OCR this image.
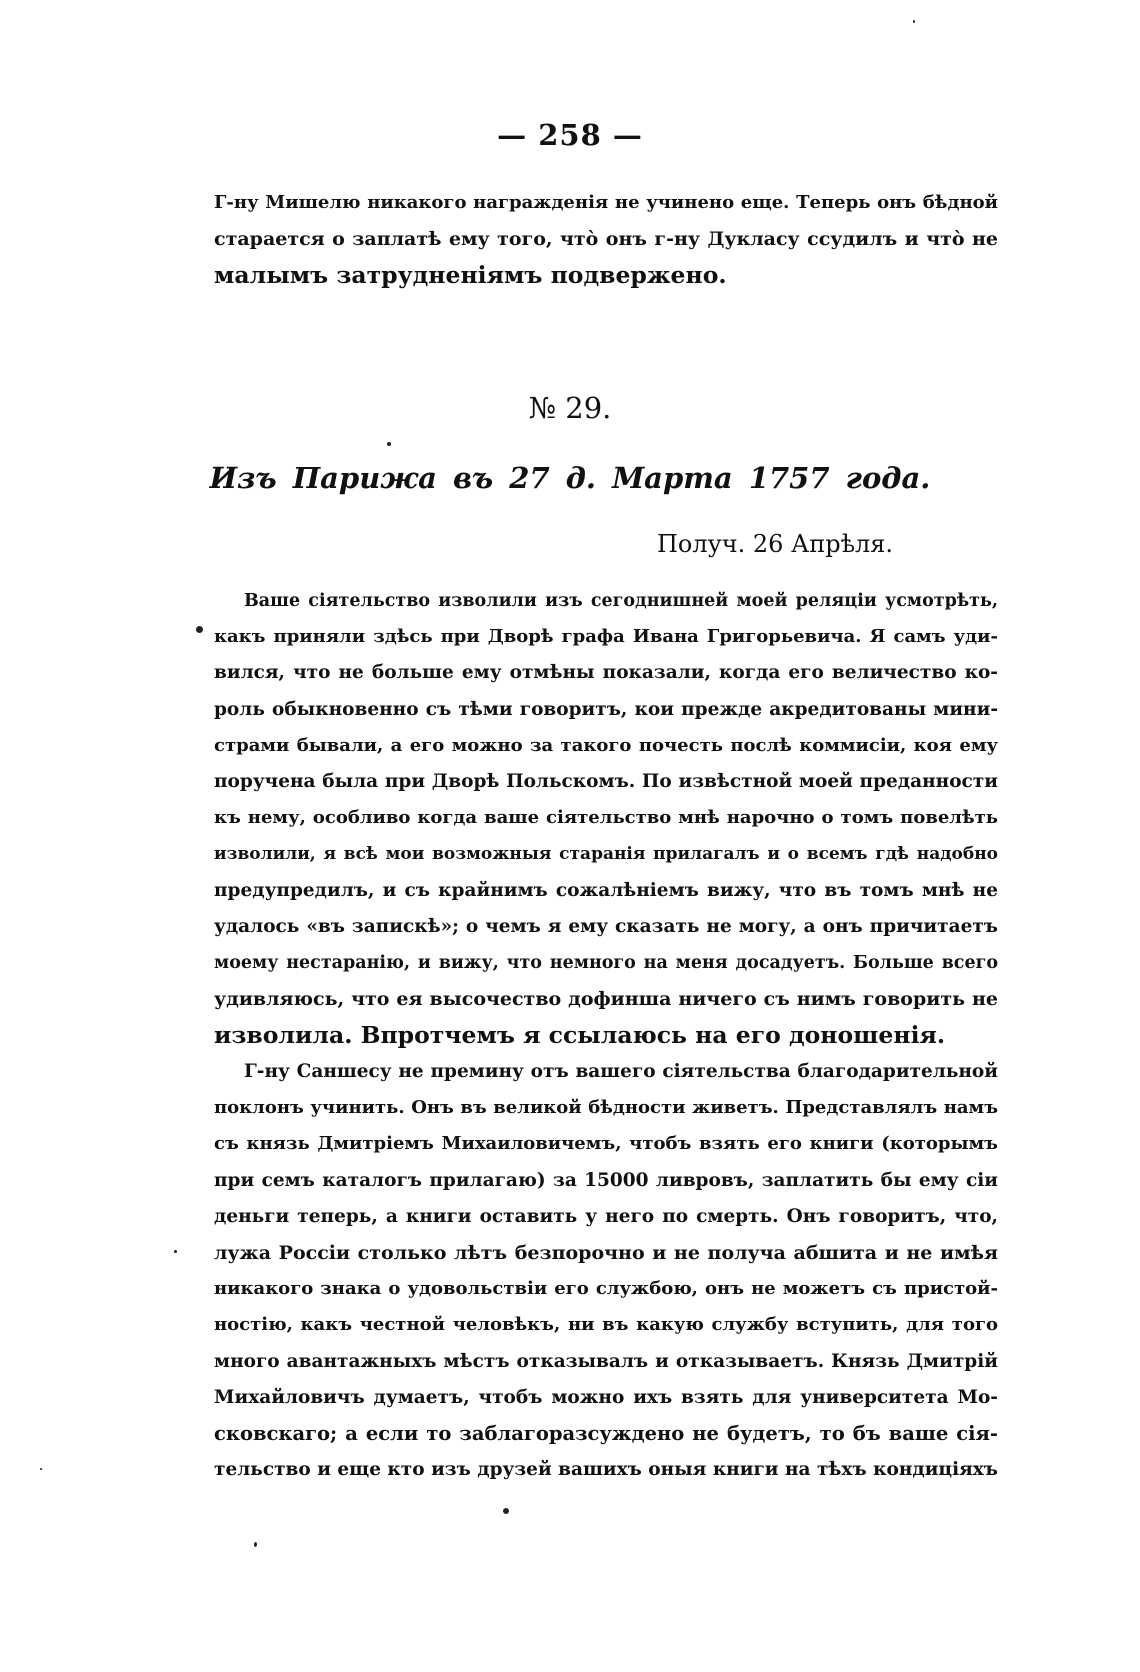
— 258 —
Г-ну Мишелю никакого награжденія не учинено еще. Теперь онъ бѣдной
старается о заплатѣ ему того, что̀ онъ г-ну Дукласу ссудилъ и что̀ не
малымъ затрудненіямъ подвержено.
№ 29.
Изъ Парижа въ 27 д. Марта 1757 года.
Получ. 26 Апрѣля.
Ваше сіятельство изволили изъ сегоднишней моей реляціи усмотрѣть,
какъ приняли здѣсь при Дворѣ графа Ивана Григорьевича. Я самъ уди-
вился, что не больше ему отмѣны показали, когда его величество ко-
роль обыкновенно съ тѣми говоритъ, кои прежде акредитованы мини-
страми бывали, а его можно за такого почесть послѣ коммисіи, коя ему
поручена была при Дворѣ Польскомъ. По извѣстной моей преданности
къ нему, особливо когда ваше сіятельство мнѣ нарочно о томъ повелѣть
изволили, я всѣ мои возможныя старанія прилагалъ и о всемъ гдѣ надобно
предупредилъ, и съ крайнимъ сожалѣніемъ вижу, что въ томъ мнѣ не
удалось «въ запискѣ»; о чемъ я ему сказать не могу, а онъ причитаетъ
моему нестаранію, и вижу, что немного на меня досадуетъ. Больше всего
удивляюсь, что ея высочество дофинша ничего съ нимъ говорить не
изволила. Впротчемъ я ссылаюсь на его доношенія.
Г-ну Саншесу не премину отъ вашего сіятельства благодарительной
поклонъ учинить. Онъ въ великой бѣдности живетъ. Представлялъ намъ
съ князь Дмитріемъ Михаиловичемъ, чтобъ взять его книги (которымъ
при семъ каталогъ прилагаю) за 15000 ливровъ, заплатить бы ему сіи
деньги теперь, а книги оставить у него по смерть. Онъ говоритъ, что,
лужа Россіи столько лѣтъ безпорочно и не получа абшита и не имѣя
никакого знака о удовольствіи его службою, онъ не можетъ съ пристой-
ностію, какъ честной человѣкъ, ни въ какую службу вступить, для того
много авантажныхъ мѣстъ отказывалъ и отказываетъ. Князь Дмитрій
Михайловичъ думаетъ, чтобъ можно ихъ взять для университета Мо-
сковскаго; а если то заблагоразсуждено не будетъ, то бъ ваше сія-
тельство и еще кто изъ друзей вашихъ оныя книги на тѣхъ кондиціяхъ
